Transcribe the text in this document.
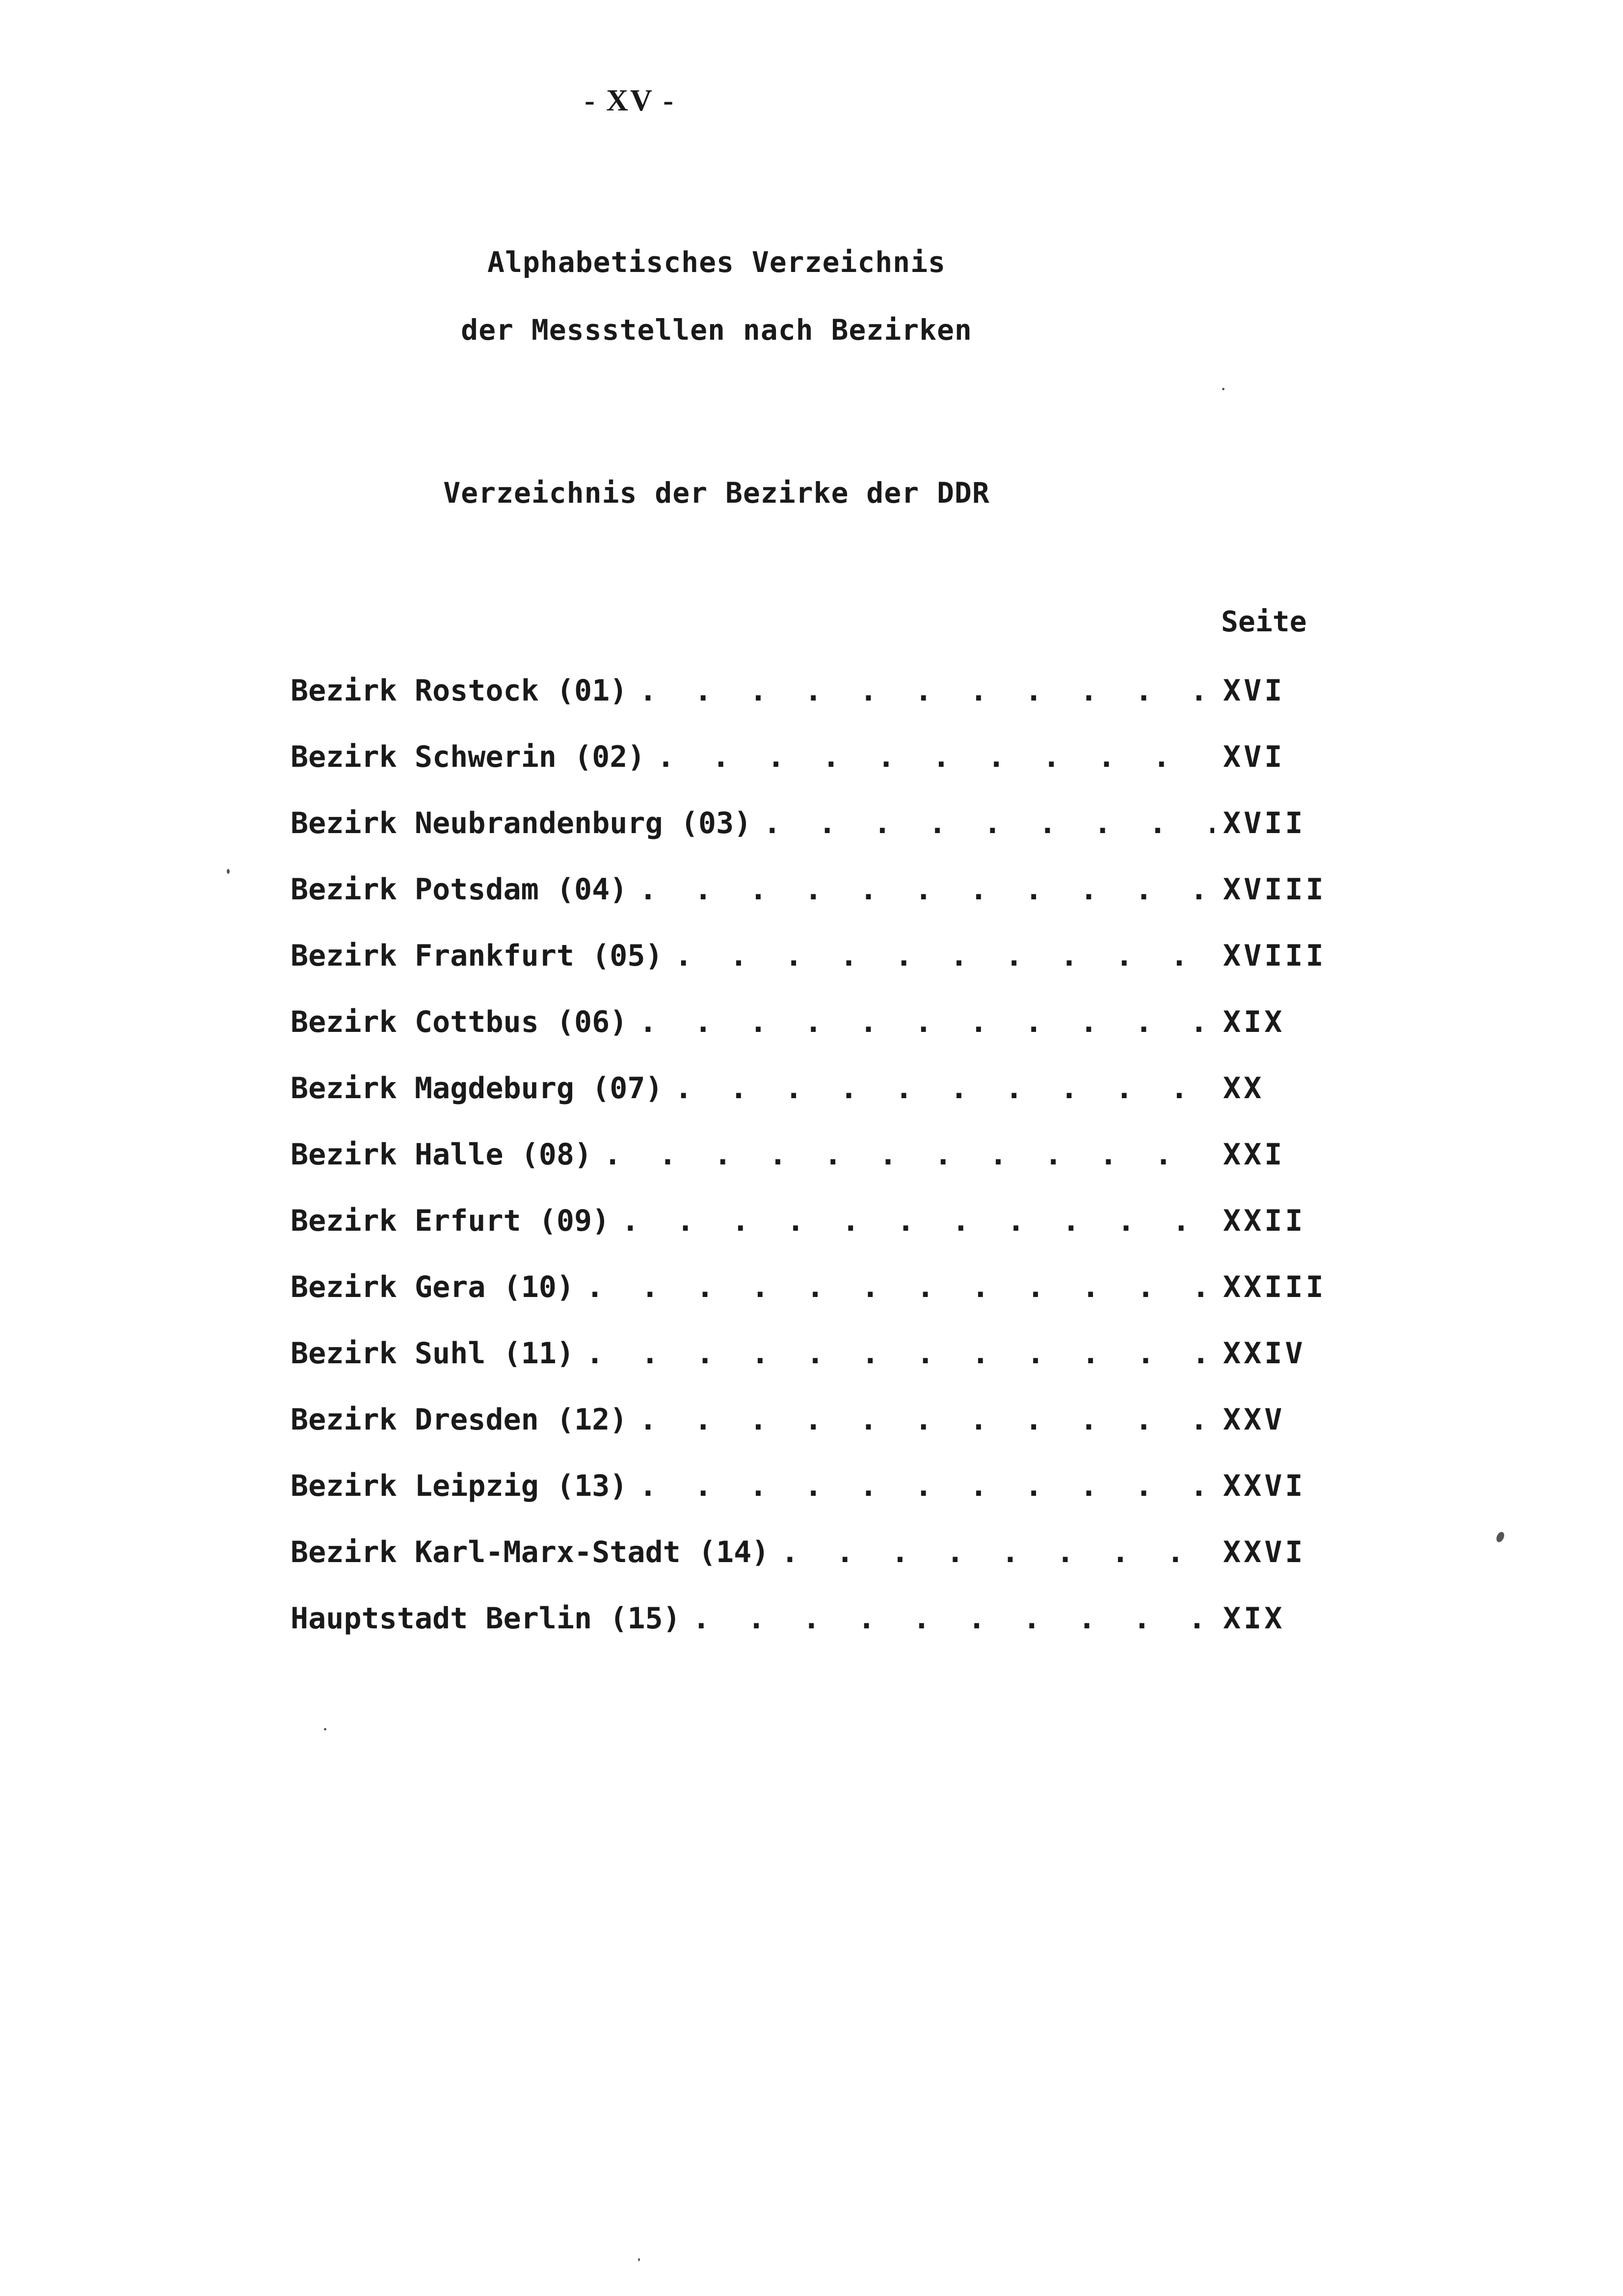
- XV -
Alphabetisches Verzeichnis
der Messstellen nach Bezirken
Verzeichnis der Bezirke der DDR
Seite
Bezirk Rostock (01) . . .	XVI
Bezirk Schwerin (02) . . .	XVI
Bezirk Neubrandenburg (03) . . .	XVII
Bezirk Potsdam (04) . . .	XVIII
Bezirk Frankfurt (05) . . .	XVIII
Bezirk Cottbus (06) . . .	XIX
Bezirk Magdeburg (07) . . .	XX
Bezirk Halle (08) . . .	XXI
Bezirk Erfurt (09) . . .	XXII
Bezirk Gera (10) . . .	XXIII
Bezirk Suhl (11) . . .	XXIV
Bezirk Dresden (12) . . .	XXV
Bezirk Leipzig (13) . . .	XXVI
Bezirk Karl-Marx-Stadt (14) . . .	XXVI
Hauptstadt Berlin (15) . . .	XIX
